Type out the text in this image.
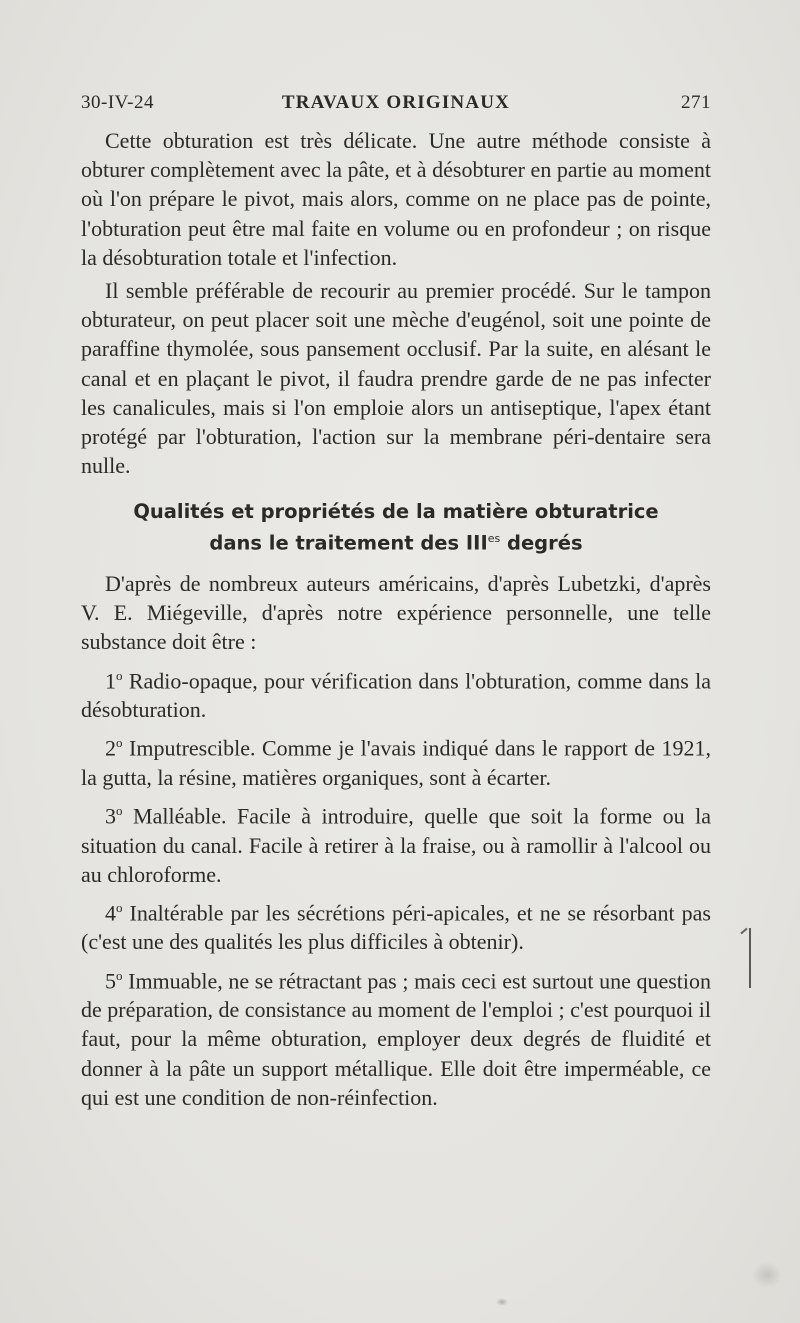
30-IV-24	TRAVAUX ORIGINAUX	271

Cette obturation est très délicate. Une autre méthode consiste à obturer complètement avec la pâte, et à désobturer en partie au moment où l'on prépare le pivot, mais alors, comme on ne place pas de pointe, l'obturation peut être mal faite en volume ou en profondeur ; on risque la désobturation totale et l'infection.

Il semble préférable de recourir au premier procédé. Sur le tampon obturateur, on peut placer soit une mèche d'eugénol, soit une pointe de paraffine thymolée, sous pansement occlusif. Par la suite, en alésant le canal et en plaçant le pivot, il faudra prendre garde de ne pas infecter les canalicules, mais si l'on emploie alors un antiseptique, l'apex étant protégé par l'obturation, l'action sur la membrane péri-dentaire sera nulle.

Qualités et propriétés de la matière obturatrice
dans le traitement des $III^{es}$ degrés

D'après de nombreux auteurs américains, d'après Lubetzki, d'après V. E. Miégeville, d'après notre expérience personnelle, une telle substance doit être :

1$^o$ Radio-opaque, pour vérification dans l'obturation, comme dans la désobturation.

2$^o$ Imputrescible. Comme je l'avais indiqué dans le rapport de 1921, la gutta, la résine, matières organiques, sont à écarter.

3$^o$ Malléable. Facile à introduire, quelle que soit la forme ou la situation du canal. Facile à retirer à la fraise, ou à ramollir à l'alcool ou au chloroforme.

4$^o$ Inaltérable par les sécrétions péri-apicales, et ne se résorbant pas (c'est une des qualités les plus difficiles à obtenir).

5$^o$ Immuable, ne se rétractant pas ; mais ceci est surtout une question de préparation, de consistance au moment de l'emploi ; c'est pourquoi il faut, pour la même obturation, employer deux degrés de fluidité et donner à la pâte un support métallique. Elle doit être imperméable, ce qui est une condition de non-réinfection.
